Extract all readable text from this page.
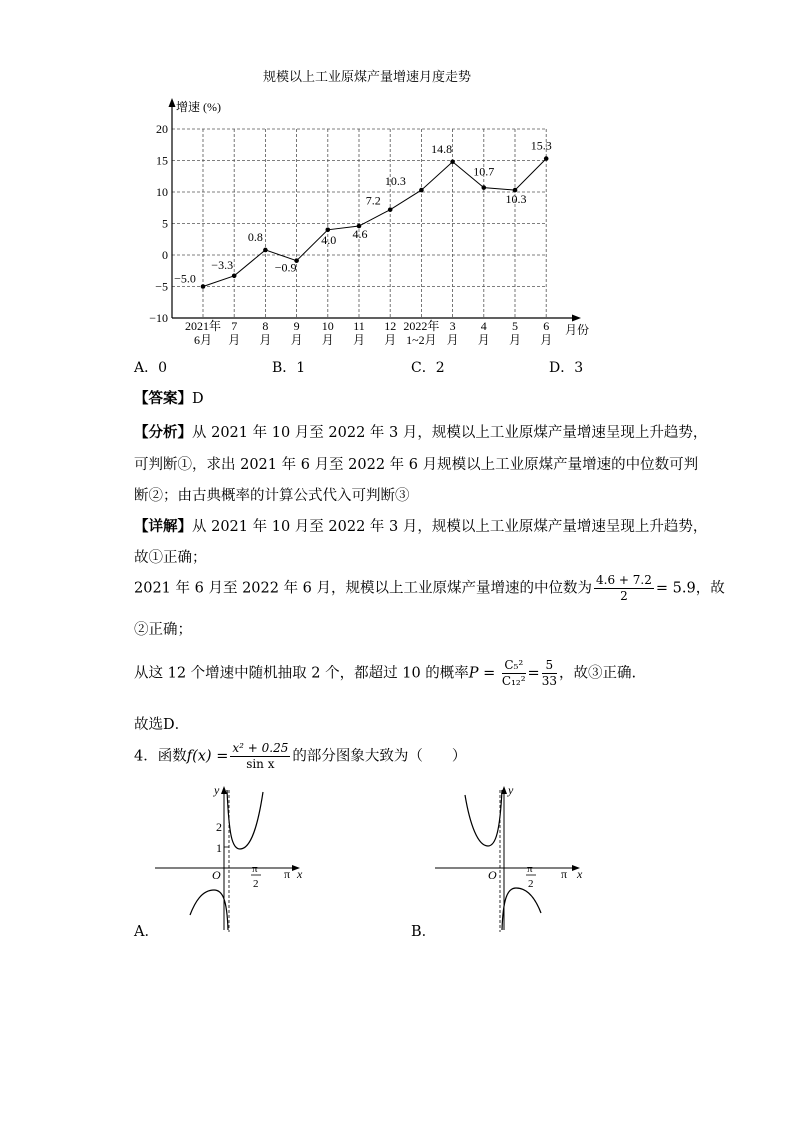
规模以上工业原煤产量增速月度走势
增速 (%)
月份
20
15
10
5
0
−5
−10
2021年
6月
7
月
8
月
9
月
10
月
11
月
12
月
2022年
1~2月
3
月
4
月
5
月
6
月
−5.0
−3.3
0.8
−0.9
4.0 4.6
7.2
10.3
14.8
10.7
10.3
15.3
A．0	B．1	C．2	D．3
【答案】D
【分析】从 2021 年 10 月至 2022 年 3 月，规模以上工业原煤产量增速呈现上升趋势，
可判断①，求出 2021 年 6 月至 2022 年 6 月规模以上工业原煤产量增速的中位数可判
断②；由古典概率的计算公式代入可判断③
【详解】从 2021 年 10 月至 2022 年 3 月，规模以上工业原煤产量增速呈现上升趋势，
故①正确；
2021 年 6 月至 2022 年 6 月，规模以上工业原煤产量增速的中位数为 $\frac{4.6 + 7.2}{2} = 5.9$，故
②正确；
从这 12 个增速中随机抽取 2 个，都超过 10 的概率$P = \frac{\text{C₅²}}{\text{C₁₂²}} = \frac{5}{33}$ ，故③正确.
故选D．
4．函数$f(x) = \frac{\text{x² + 0.25}}{\text{sin x}}$ 的部分图象大致为（　　）
y
x
O
2
1
π
2
π
A．
y
x
O	π
2
π
B．
